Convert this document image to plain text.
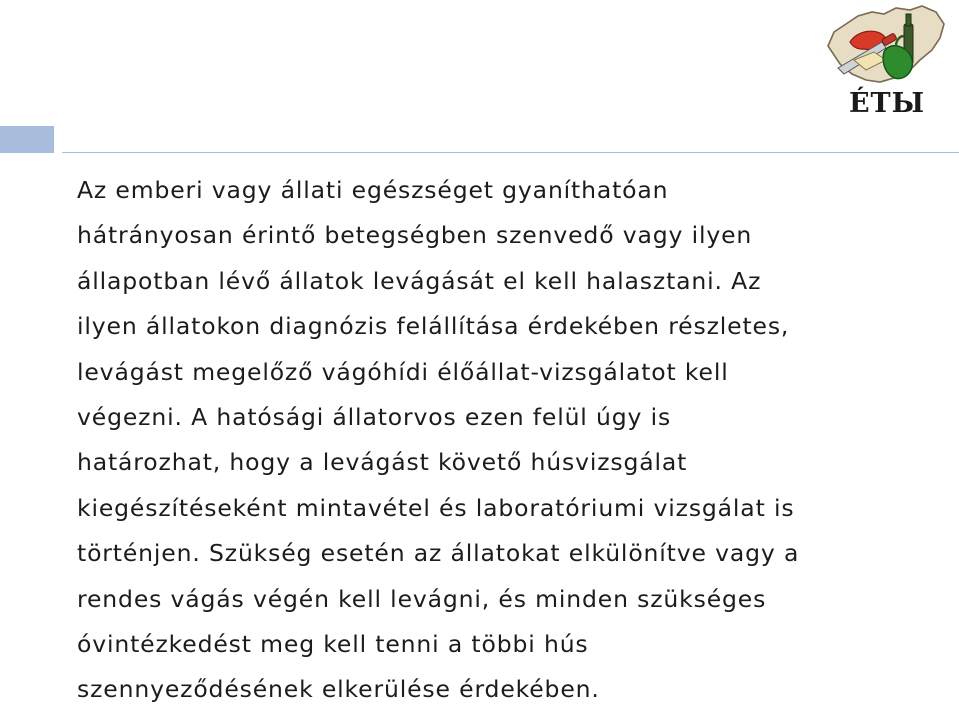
ÉTЫ

Az emberi vagy állati egészséget gyaníthatóan
hátrányosan érintő betegségben szenvedő vagy ilyen
állapotban lévő állatok levágását el kell halasztani. Az
ilyen állatokon diagnózis felállítása érdekében részletes,
levágást megelőző vágóhídi élőállat-vizsgálatot kell
végezni. A hatósági állatorvos ezen felül úgy is
határozhat, hogy a levágást követő húsvizsgálat
kiegészítéseként mintavétel és laboratóriumi vizsgálat is
történjen. Szükség esetén az állatokat elkülönítve vagy a
rendes vágás végén kell levágni, és minden szükséges
óvintézkedést meg kell tenni a többi hús
szennyeződésének elkerülése érdekében.
